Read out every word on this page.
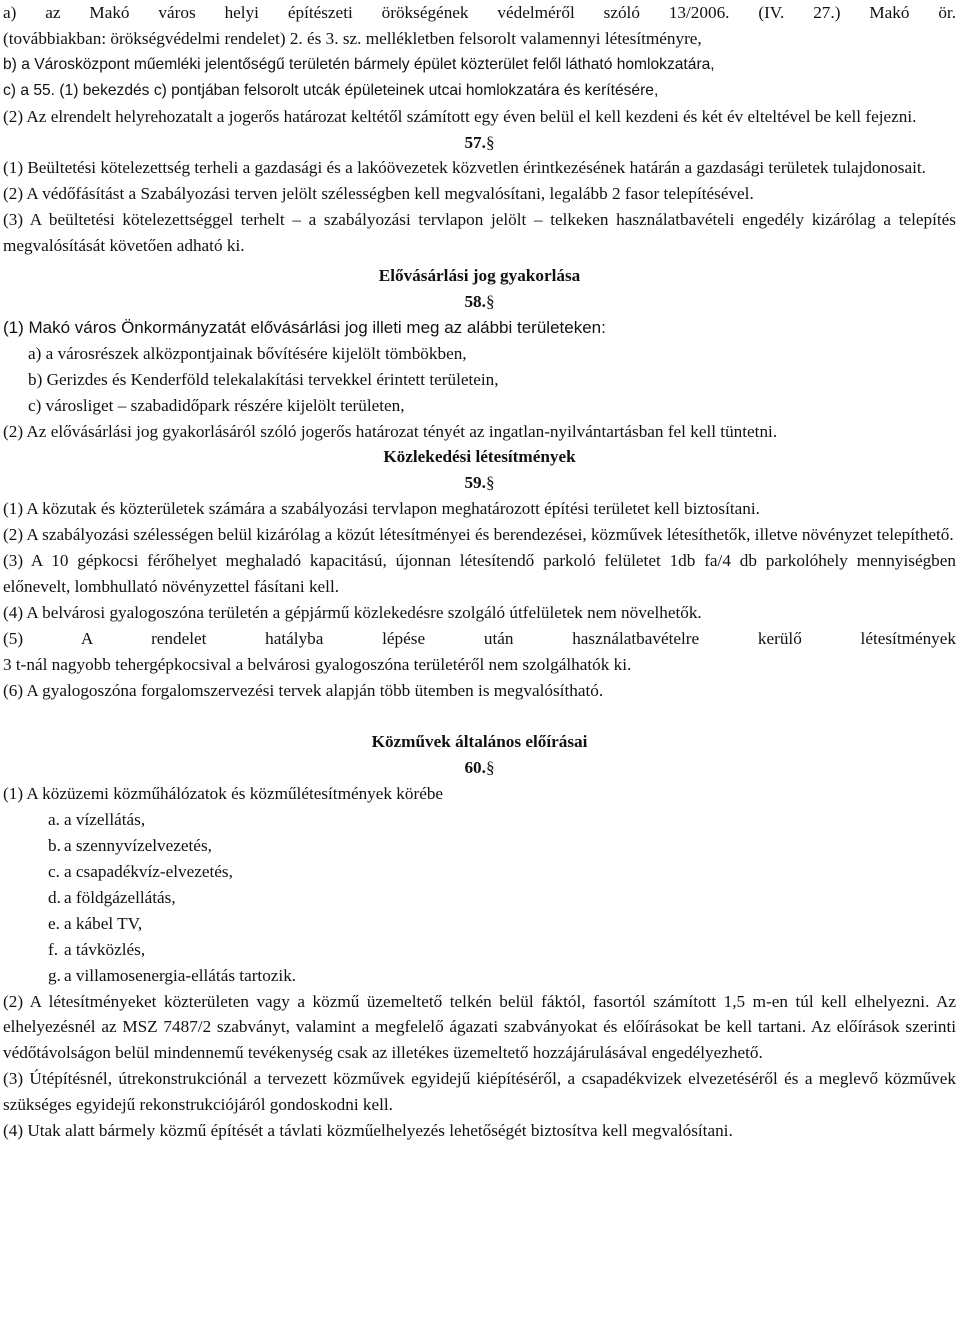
a) az Makó város helyi építészeti örökségének védelméről szóló 13/2006. (IV. 27.) Makó ör.

(továbbiakban: örökségvédelmi rendelet) 2. és 3. sz. mellékletben felsorolt valamennyi létesítményre,

b) a Városközpont műemléki jelentőségű területén bármely épület közterület felől látható homlokzatára,

c) a 55. (1) bekezdés c) pontjában felsorolt utcák épületeinek utcai homlokzatára és kerítésére,

(2) Az elrendelt helyrehozatalt a jogerős határozat keltétől számított egy éven belül el kell kezdeni és két év elteltével be kell fejezni.

57.§

(1) Beültetési kötelezettség terheli a gazdasági és a lakóövezetek közvetlen érintkezésének határán a gazdasági területek tulajdonosait.

(2) A védőfásítást a Szabályozási terven jelölt szélességben kell megvalósítani, legalább 2 fasor telepítésével.

(3) A beültetési kötelezettséggel terhelt – a szabályozási tervlapon jelölt – telkeken használatbavételi engedély kizárólag a telepítés megvalósítását követően adható ki.

Elővásárlási jog gyakorlása

58.§

(1) Makó város Önkormányzatát elővásárlási jog illeti meg az alábbi területeken:

a) a városrészek alközpontjainak bővítésére kijelölt tömbökben,

b) Gerizdes és Kenderföld telekalakítási tervekkel érintett területein,

c) városliget – szabadidőpark részére kijelölt területen,

(2) Az elővásárlási jog gyakorlásáról szóló jogerős határozat tényét az ingatlan-nyilvántartásban fel kell tüntetni.

Közlekedési létesítmények

59.§

(1) A közutak és közterületek számára a szabályozási tervlapon meghatározott építési területet kell biztosítani.

(2) A szabályozási szélességen belül kizárólag a közút létesítményei és berendezései, közművek létesíthetők, illetve növényzet telepíthető.

(3) A 10 gépkocsi férőhelyet meghaladó kapacitású, újonnan létesítendő parkoló felületet 1db fa/4 db parkolóhely mennyiségben előnevelt, lombhullató növényzettel fásítani kell.

(4) A belvárosi gyalogoszóna területén a gépjármű közlekedésre szolgáló útfelületek nem növelhetők.

(5) A rendelet hatályba lépése után használatbavételre kerülő létesítmények

3 t-nál nagyobb tehergépkocsival a belvárosi gyalogoszóna területéről nem szolgálhatók ki.

(6) A gyalogoszóna forgalomszervezési tervek alapján több ütemben is megvalósítható.

Közművek általános előírásai

60.§

(1) A közüzemi közműhálózatok és közműlétesítmények körébe

a. a vízellátás,
b. a szennyvízelvezetés,
c. a csapadékvíz-elvezetés,
d. a földgázellátás,
e. a kábel TV,
f. a távközlés,
g. a villamosenergia-ellátás tartozik.

(2) A létesítményeket közterületen vagy a közmű üzemeltető telkén belül fáktól, fasortól számított 1,5 m-en túl kell elhelyezni. Az elhelyezésnél az MSZ 7487/2 szabványt, valamint a megfelelő ágazati szabványokat és előírásokat be kell tartani. Az előírások szerinti védőtávolságon belül mindennemű tevékenység csak az illetékes üzemeltető hozzájárulásával engedélyezhető.

(3) Útépítésnél, útrekonstrukciónál a tervezett közművek egyidejű kiépítéséről, a csapadékvizek elvezetéséről és a meglevő közművek szükséges egyidejű rekonstrukciójáról gondoskodni kell.

(4) Utak alatt bármely közmű építését a távlati közműelhelyezés lehetőségét biztosítva kell megvalósítani.
